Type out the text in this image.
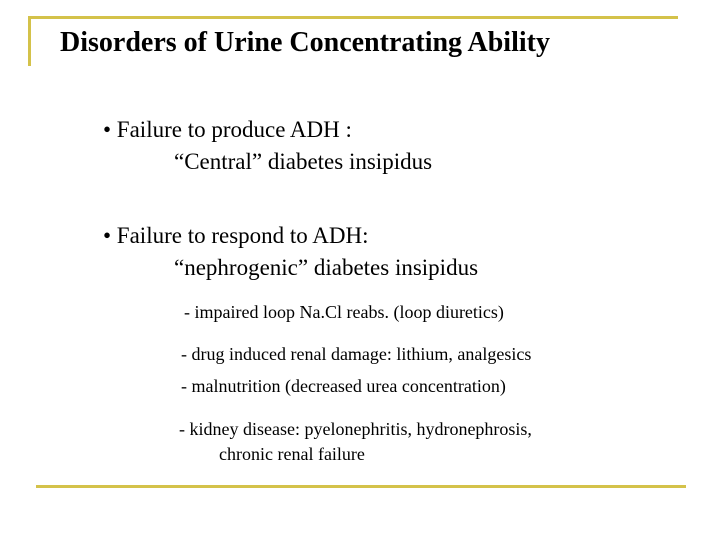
Disorders of Urine Concentrating Ability
• Failure to produce ADH :
“Central” diabetes insipidus
• Failure to respond to ADH:
“nephrogenic” diabetes insipidus
- impaired loop Na.Cl reabs. (loop diuretics)
- drug induced renal damage: lithium, analgesics
- malnutrition (decreased urea concentration)
- kidney disease: pyelonephritis, hydronephrosis,
chronic renal failure
